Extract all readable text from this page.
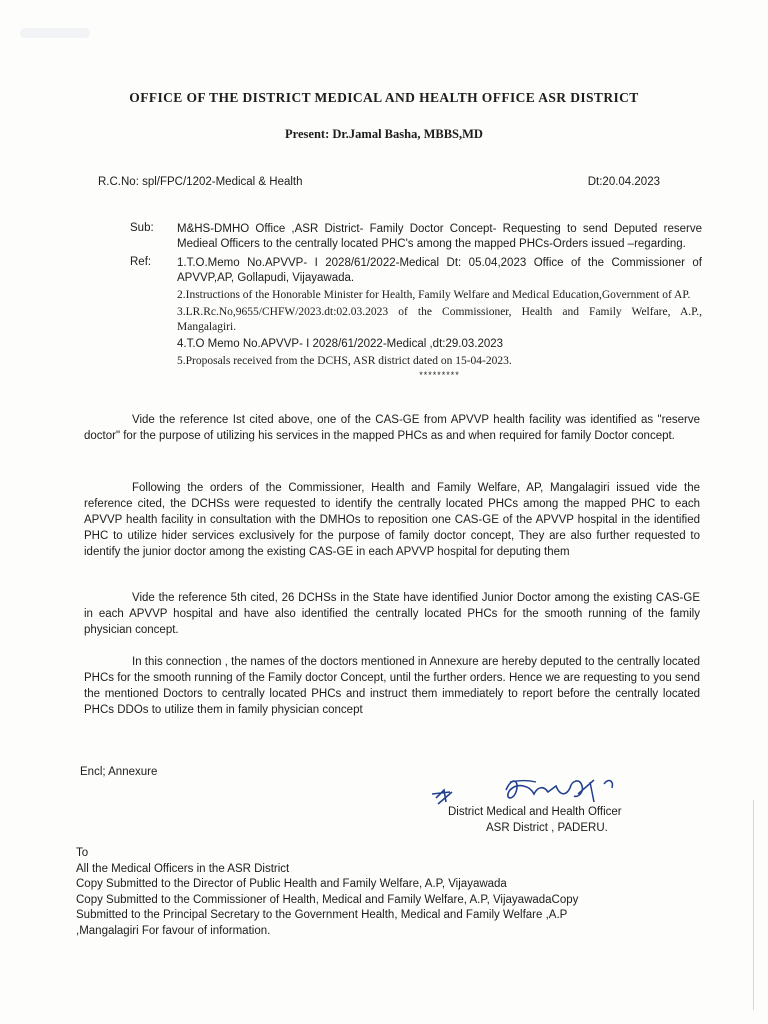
OFFICE OF THE DISTRICT MEDICAL AND HEALTH OFFICE ASR DISTRICT
Present: Dr.Jamal Basha, MBBS,MD
R.C.No: spl/FPC/1202-Medical & Health	Dt:20.04.2023
Sub:	M&HS-DMHO Office ,ASR District- Family Doctor Concept- Requesting to send Deputed reserve Medieal Officers to the centrally located PHC's among the mapped PHCs-Orders issued –regarding.
Ref:	1.T.O.Memo No.APVVP- I 2028/61/2022-Medical Dt: 05.04,2023 Office of the Commissioner of APVVP,AP, Gollapudi, Vijayawada.
2.Instructions of the Honorable Minister for Health, Family Welfare and Medical Education,Government of AP.
3.LR.Rc.No,9655/CHFW/2023.dt:02.03.2023 of the Commissioner, Health and Family Welfare, A.P., Mangalagiri.
4.T.O Memo No.APVVP- I 2028/61/2022-Medical ,dt:29.03.2023
5.Proposals received from the DCHS, ASR district dated on 15-04-2023.
*********

Vide the reference Ist cited above, one of the CAS-GE from APVVP health facility was identified as "reserve doctor" for the purpose of utilizing his services in the mapped PHCs as and when required for family Doctor concept.

Following the orders of the Commissioner, Health and Family Welfare, AP, Mangalagiri issued vide the reference cited, the DCHSs were requested to identify the centrally located PHCs among the mapped PHC to each APVVP health facility in consultation with the DMHOs to reposition one CAS-GE of the APVVP hospital in the identified PHC to utilize hider services exclusively for the purpose of family doctor concept, They are also further requested to identify the junior doctor among the existing CAS-GE in each APVVP hospital for deputing them

Vide the reference 5th cited, 26 DCHSs in the State have identified Junior Doctor among the existing CAS-GE in each APVVP hospital and have also identified the centrally located PHCs for the smooth running of the family physician concept.

In this connection , the names of the doctors mentioned in Annexure are hereby deputed to the centrally located PHCs for the smooth running of the Family doctor Concept, until the further orders. Hence we are requesting to you send the mentioned Doctors to centrally located PHCs and instruct them immediately to report before the centrally located PHCs DDOs to utilize them in family physician concept

Encl; Annexure
District Medical and Health Officer
ASR District , PADERU.
To
All the Medical Officers in the ASR District
Copy Submitted to the Director of Public Health and Family Welfare, A.P, Vijayawada
Copy Submitted to the Commissioner of Health, Medical and Family Welfare, A.P, VijayawadaCopy
Submitted to the Principal Secretary to the Government Health, Medical and Family Welfare ,A.P
,Mangalagiri For favour of information.
